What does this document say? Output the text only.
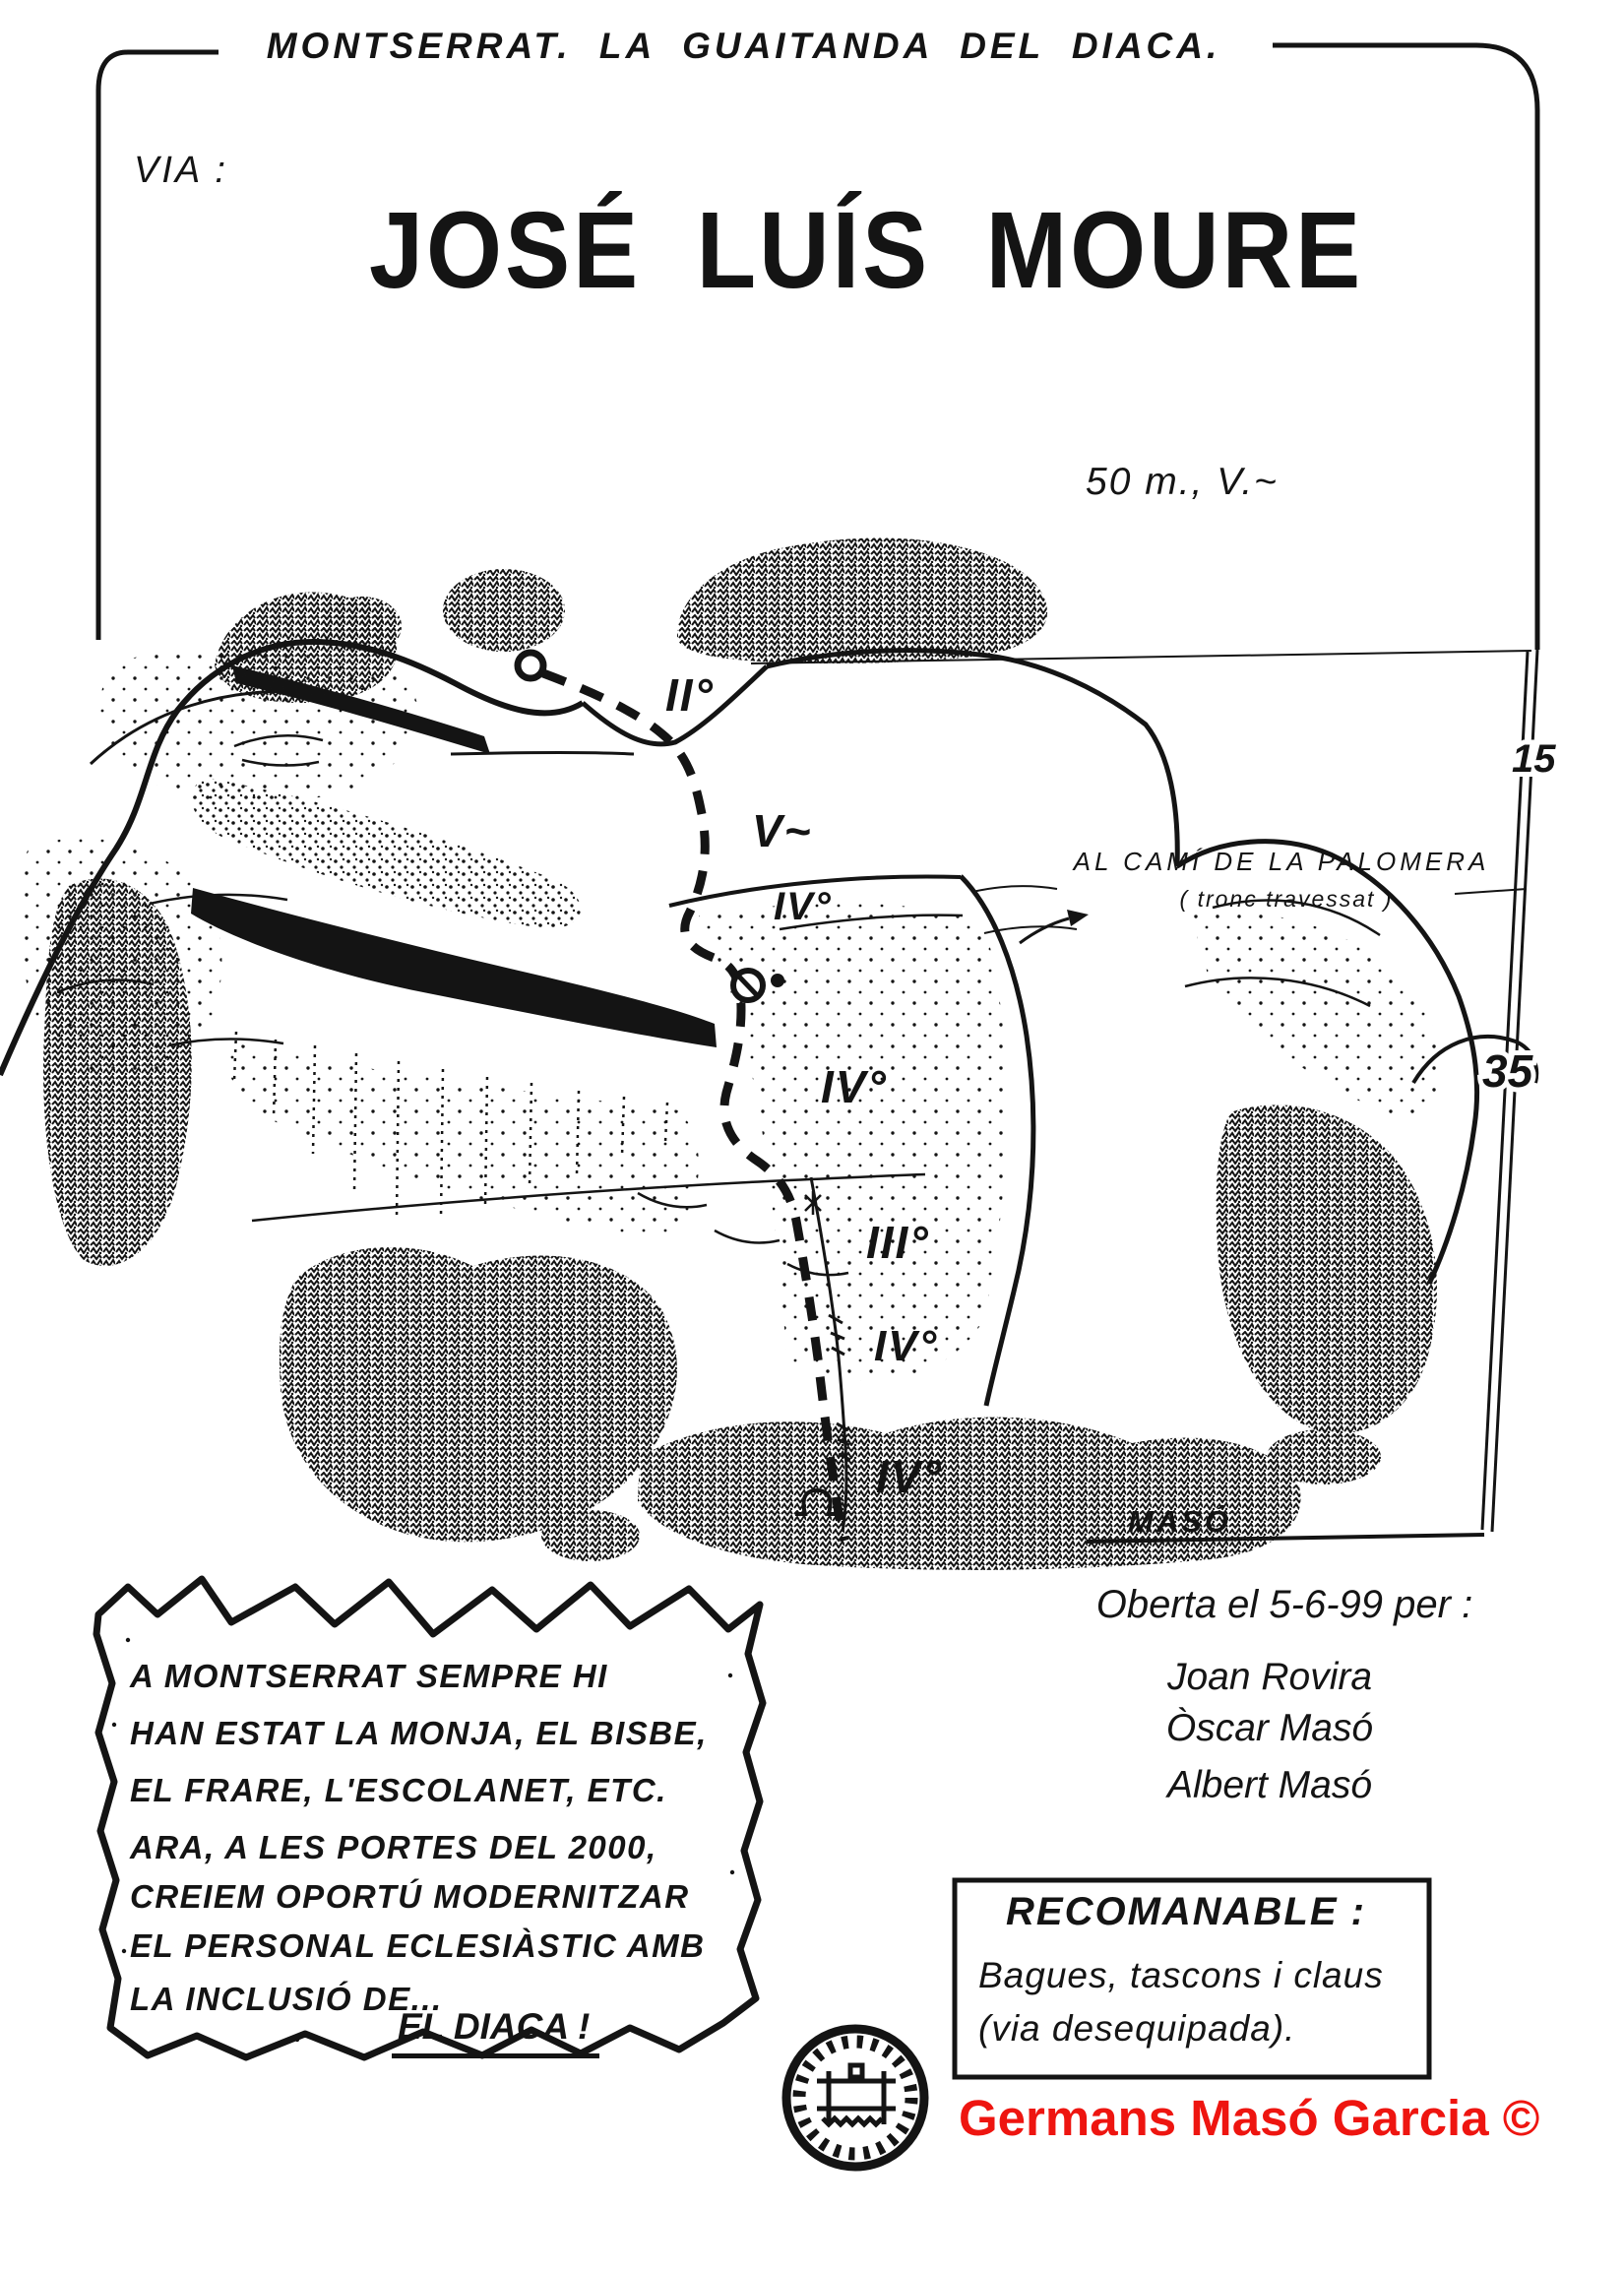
II°
V~
IV°
IV°
III°
IV°
IV°
AL CAMÍ DE LA PALOMERA
( tronc travessat )
15
35
MASÓ
MONTSERRAT. LA GUAITANDA DEL DIACA.
VIA :
JOSÉ LUÍS MOURE
50 m., V.~
Oberta el 5-6-99 per :
Joan Rovira
Òscar Masó
Albert Masó
A MONTSERRAT SEMPRE HI
HAN ESTAT LA MONJA, EL BISBE,
EL FRARE, L'ESCOLANET, ETC.
ARA, A LES PORTES DEL 2000,
CREIEM OPORTÚ MODERNITZAR
EL PERSONAL ECLESIÀSTIC AMB
LA INCLUSIÓ DE...
EL DIACA !
RECOMANABLE :
Bagues, tascons i claus
(via desequipada).
Germans Masó Garcia ©
